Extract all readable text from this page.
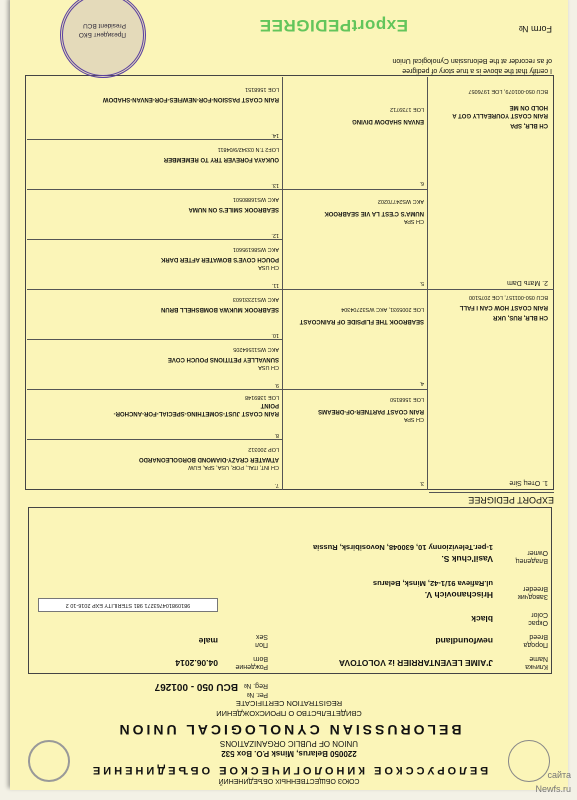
СОЮЗ ОБЩЕСТВЕННЫХ ОБЪЕДИНЕНИЙ
БЕЛОРУССКОЕ КИНОЛОГИЧЕСКОЕ ОБЪЕДИНЕНИЕ
220050 Belarus, Minsk P.O. Box 532
UNION OF PUBLIC ORGANIZATIONS
BELORUSSIAN CYNOLOGICAL UNION
СВИДЕТЕЛЬСТВО О ПРОИСХОЖДЕНИИ
REGISTRATION CERTIFICATE
Рег. №
Reg. №
BCU 050 - 001267
Кличка
Name
J'AIME LEVENTARRIER iz VOLOTOVA
Рождение
Born
04.06.2014
Порода
Breed
newfoundland
Пол
Sex
male
Окрас
Color
black
981098104763271 981 STERILITY EXP 2016-10 2
Заводчик
Breeder
Hrischanovich V.
ul.Rafieva 91/1-42, Minsk, Belarus
Владелец
Owner
Vasil'chuk S.
1-per.Televizionny 10, 630048, Novosibirsk, Russia
EXPORT PEDIGREE
1. Отец Sire
CH BLR, RUS, UKR
RAIN COAST HOW CAN I FALL
BCU 050-001157, LOE 2075100
2. Мать Dam
CH BLR, SPA
RAIN COAST YOUREALLY GOT A
HOLD ON ME
BCU 050-001079, LOE 1976057
3.
CH SPA
RAIN COAST PARTNER-OF-DREAMS
LOE 1568150
4.
SEABROOK THE FLIPSIDE OF RAINCOAST
LOE 2005931, AKC WS32704304
5.
CH SPA
NUMA'S C'EST LA VIE SEABROOK
AKC WS24770202
6.
ENVAN SHADOW DIVING
LOE 1739712
7.
CH INT, ITAL, POR, USA, SPA, EUW
ATWATER CRAZY-DIAMOND BORGOLEONARDO
LOP 200312
8.
RAIN COAST JUST-SOMETHING-SPECIAL-FOR-ANCHOR-
POINT
LOE 1389148
9.
CH USA
SUNVALLEY PETITIONS POUCH COVE
AKC WS11564205
10.
SEABROOK MUKWA BOMBSHELL BRUN
AKC WS12331603
11.
CH USA
POUCH COVE'S BOWATER AFTER DARK
AKC WS86195601
12.
SEABROOK SMILE'S ON NUMA
AKC WS16880501
13.
OUKAYA FOREVER TRY TO REMEMBER
LOF2 T.N 03342/9/04811
14.
RAIN COAST PASSION-FOR-NEWFIES-FOR-ENVAN-SHADOW
LOE 1568151
I certify that the above is a true story of pedigree
of as recorder at the Belorussian Cynological Union
Form №
ExportPEDIGREE
Президент БКО
President BCU
сайта
Newfs.ru
